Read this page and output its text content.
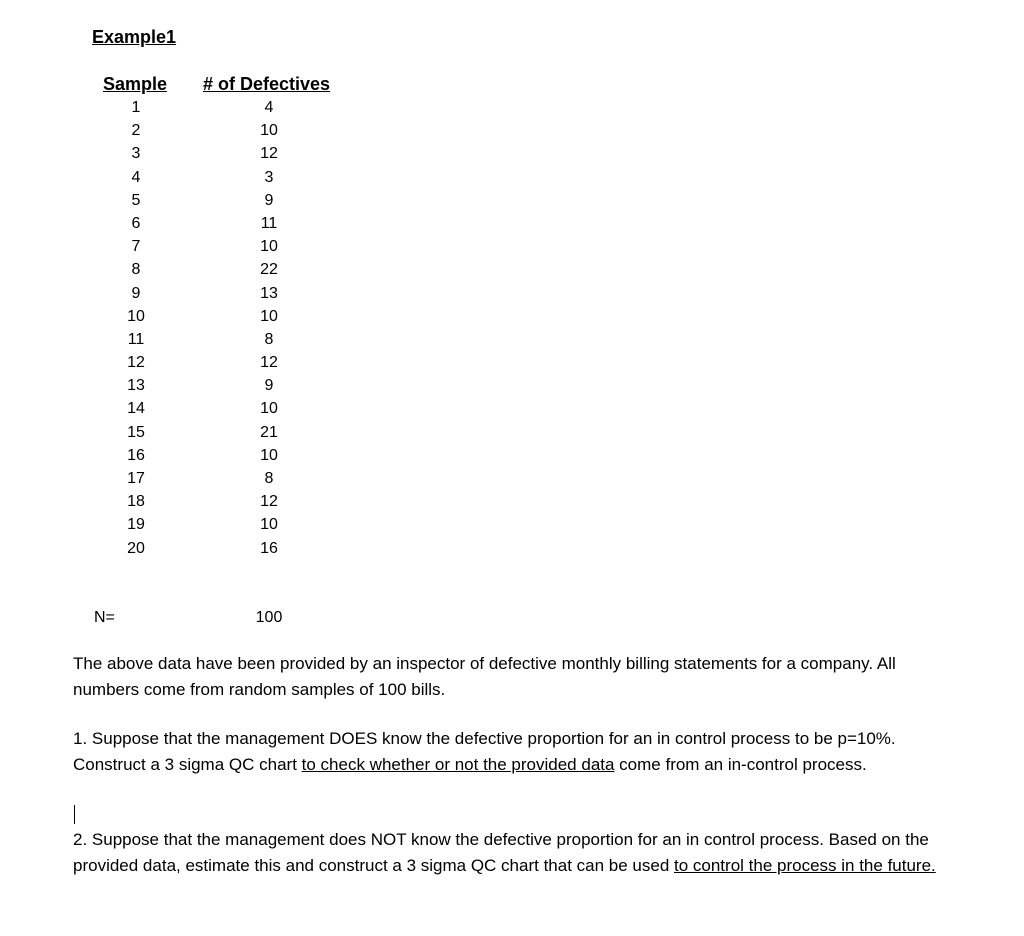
Example1
Sample # of Defectives
1
2
3
4
5
6
7
8
9
10
11
12
13
14
15
16
17
18
19
20
4
10
12
3
9
11
10
22
13
10
8
12
9
10
21
10
8
12
10
16
N=	100

The above data have been provided by an inspector of defective monthly billing statements for a company. All numbers come from random samples of 100 bills.

1. Suppose that the management DOES know the defective proportion for an in control process to be p=10%. Construct a 3 sigma QC chart to check whether or not the provided data come from an in-control process.

2. Suppose that the management does NOT know the defective proportion for an in control process. Based on the provided data, estimate this and construct a 3 sigma QC chart that can be used to control the process in the future.
